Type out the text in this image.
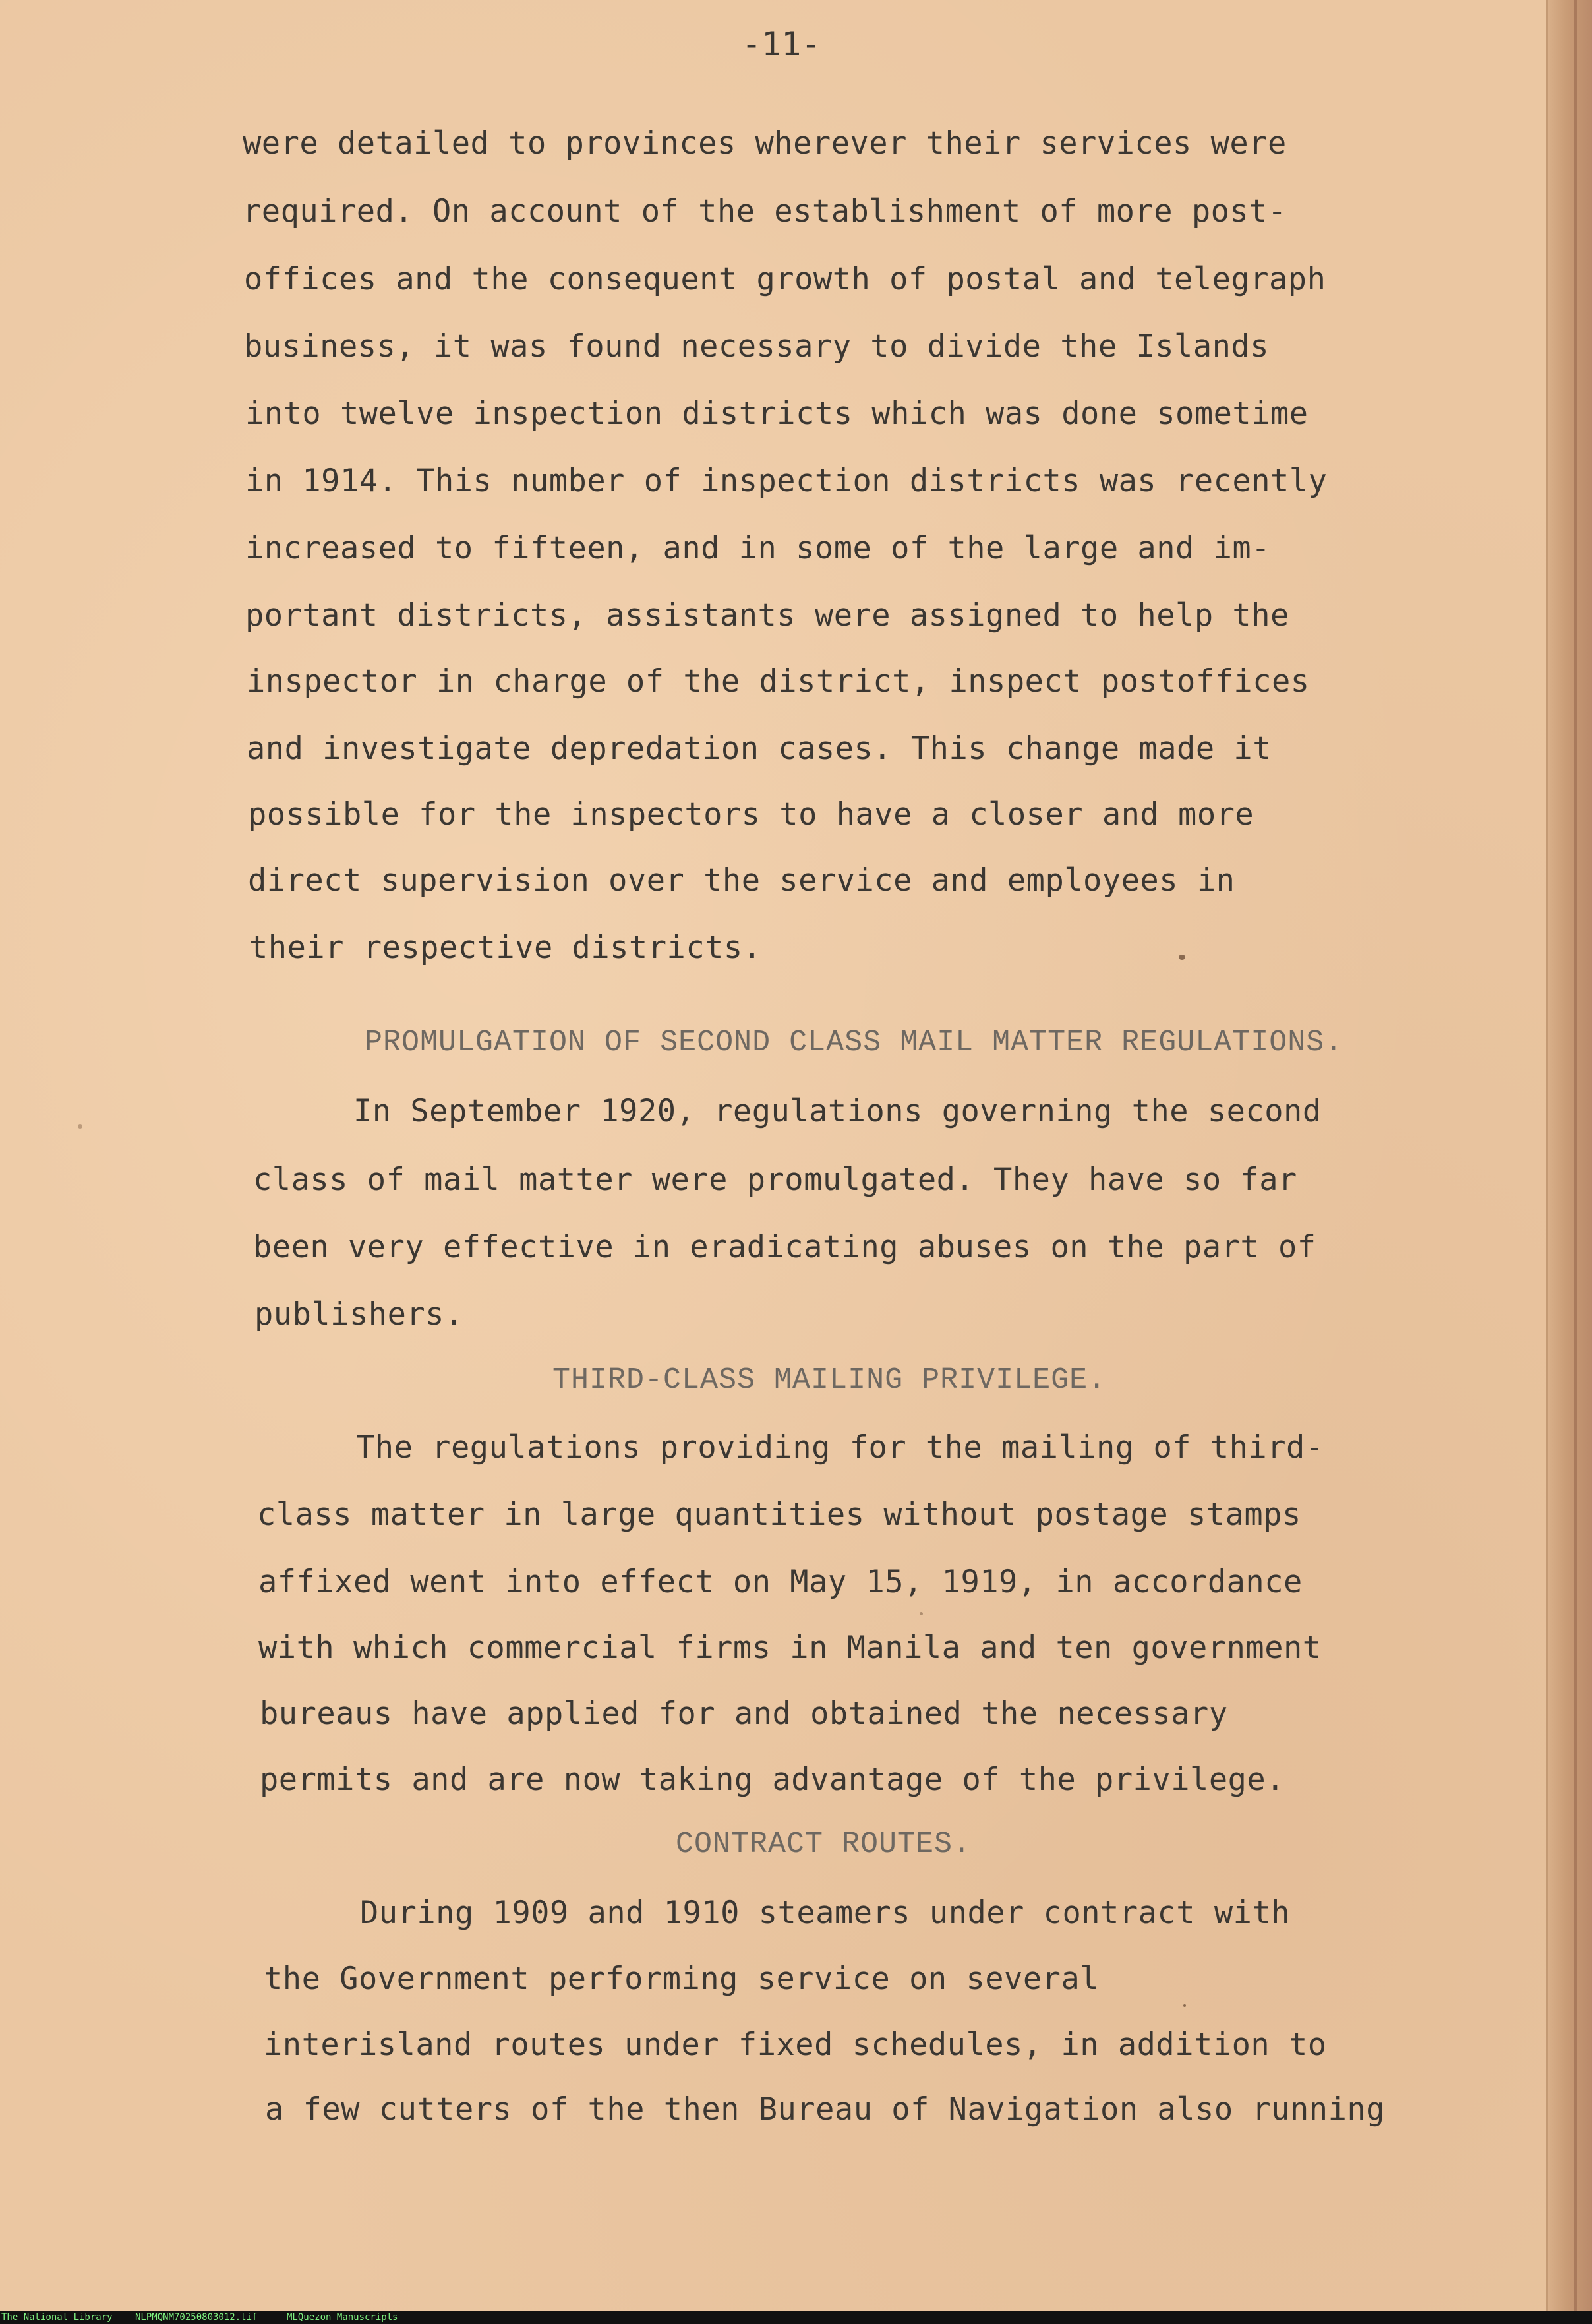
-11-

were detailed to provinces wherever their services were

required. On account of the establishment of more post-

offices and the consequent growth of postal and telegraph

business, it was found necessary to divide the Islands

into twelve inspection districts which was done sometime

in 1914. This number of inspection districts was recently

increased to fifteen, and in some of the large and im-

portant districts, assistants were assigned to help the

inspector in charge of the district, inspect postoffices

and investigate depredation cases. This change made it

possible for the inspectors to have a closer and more

direct supervision over the service and employees in

their respective districts.

PROMULGATION OF SECOND CLASS MAIL MATTER REGULATIONS.

In September 1920, regulations governing the second

class of mail matter were promulgated. They have so far

been very effective in eradicating abuses on the part of

publishers.

THIRD-CLASS MAILING PRIVILEGE.

The regulations providing for the mailing of third-

class matter in large quantities without postage stamps

affixed went into effect on May 15, 1919, in accordance

with which commercial firms in Manila and ten government

bureaus have applied for and obtained the necessary

permits and are now taking advantage of the privilege.

CONTRACT ROUTES.

During 1909 and 1910 steamers under contract with

the Government performing service on several

interisland routes under fixed schedules, in addition to

a few cutters of the then Bureau of Navigation also running

The National Library NLPMQNM70250803012.tif	MLQuezon Manuscripts
